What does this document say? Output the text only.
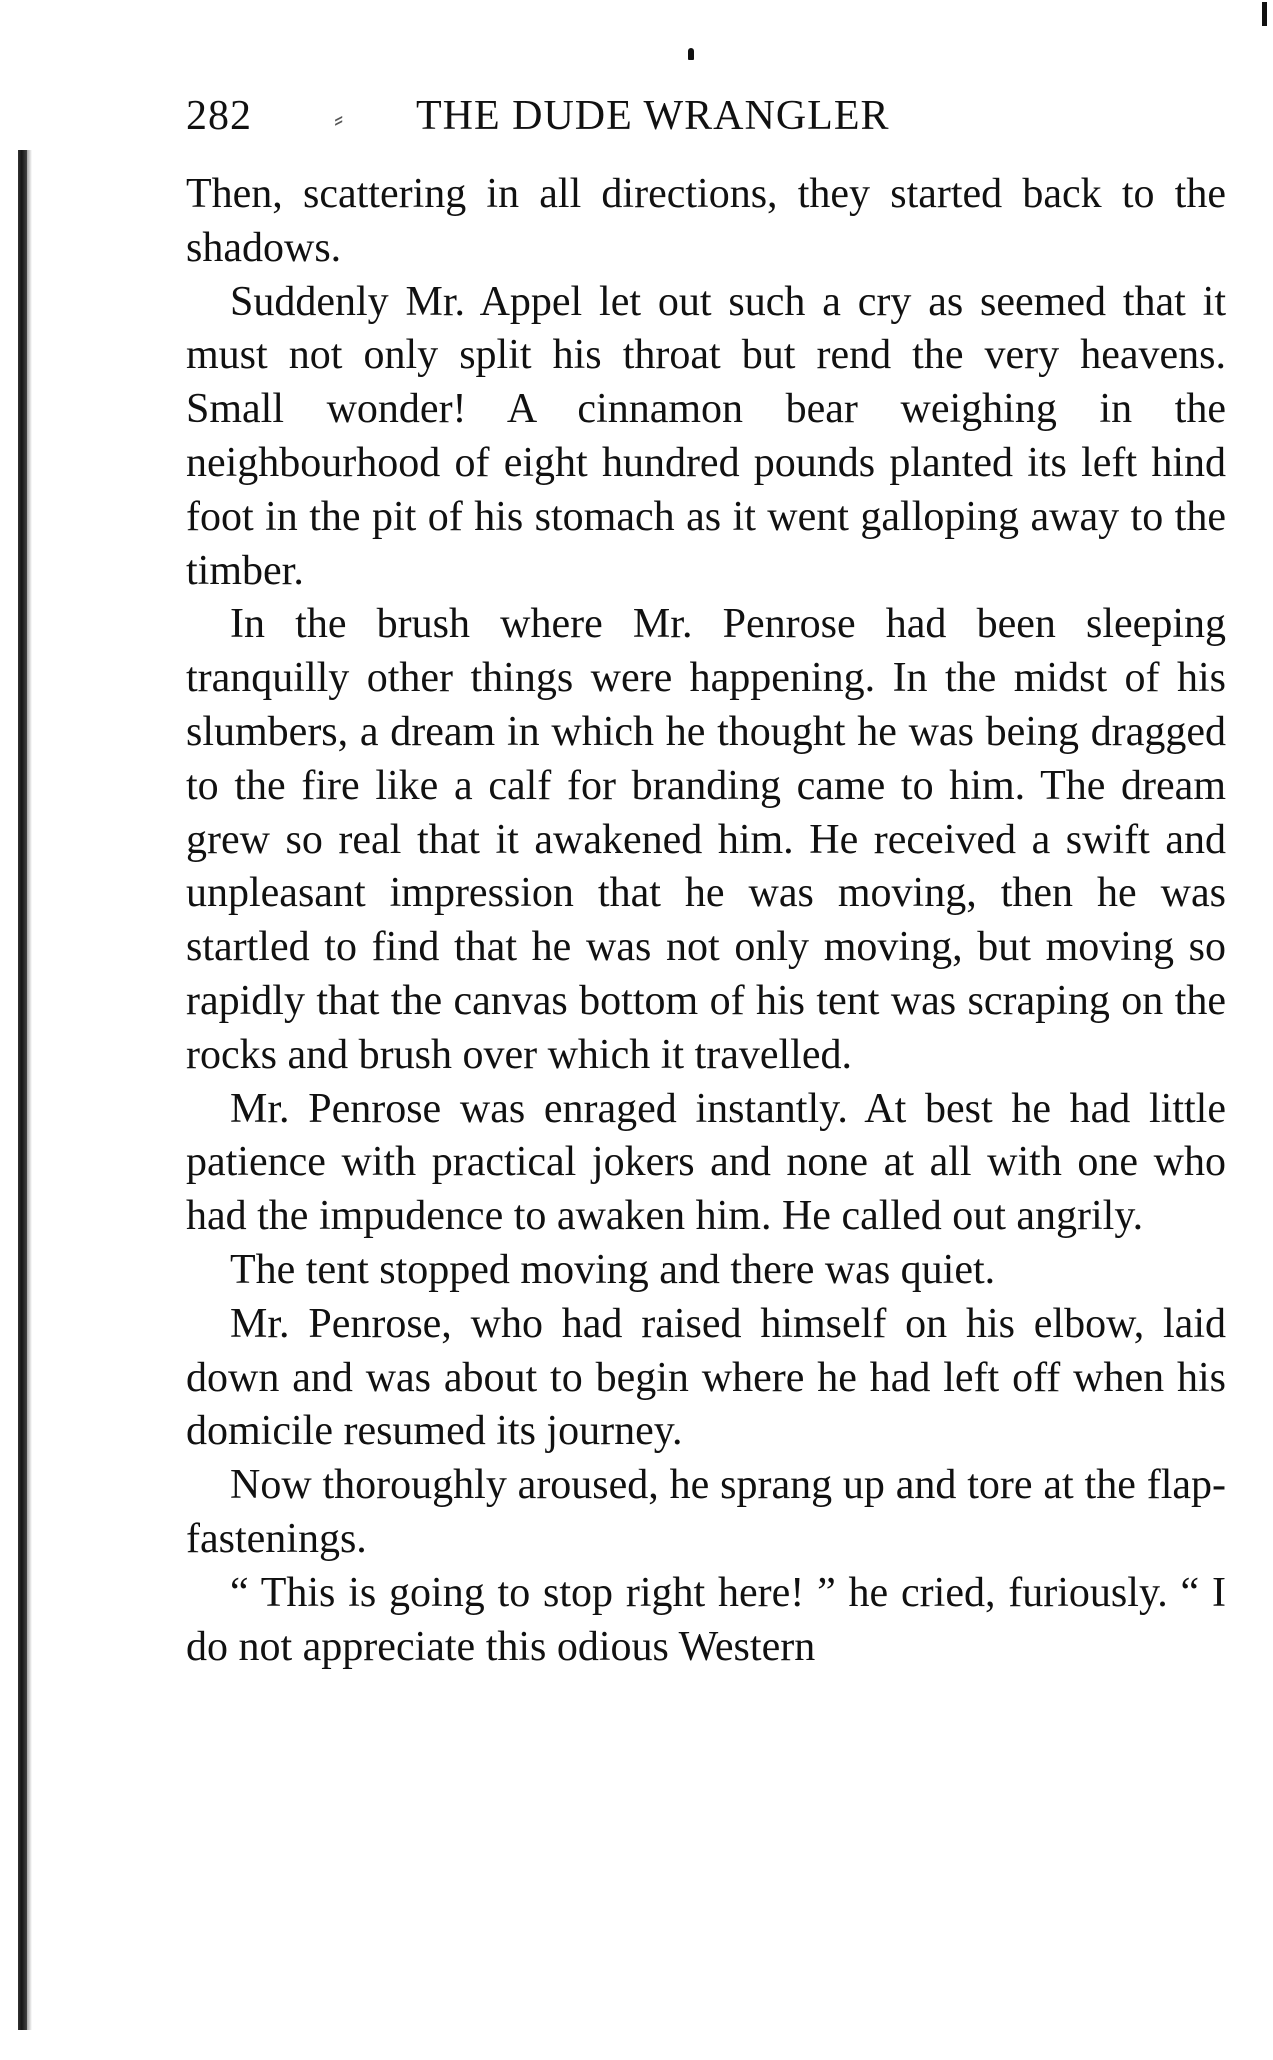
282	⸗ THE DUDE WRANGLER

Then, scattering in all directions, they started back to the shadows.

Suddenly Mr. Appel let out such a cry as seemed that it must not only split his throat but rend the very heavens. Small wonder! A cinnamon bear weighing in the neighbourhood of eight hundred pounds planted its left hind foot in the pit of his stomach as it went galloping away to the timber.

In the brush where Mr. Penrose had been sleeping tranquilly other things were happening. In the midst of his slumbers, a dream in which he thought he was being dragged to the fire like a calf for branding came to him. The dream grew so real that it awakened him. He received a swift and unpleasant impression that he was moving, then he was startled to find that he was not only moving, but moving so rapidly that the canvas bottom of his tent was scraping on the rocks and brush over which it travelled.

Mr. Penrose was enraged instantly. At best he had little patience with practical jokers and none at all with one who had the impudence to awaken him. He called out angrily.

The tent stopped moving and there was quiet.

Mr. Penrose, who had raised himself on his elbow, laid down and was about to begin where he had left off when his domicile resumed its journey.

Now thoroughly aroused, he sprang up and tore at the flap-fastenings.

“ This is going to stop right here! ” he cried, furiously. “ I do not appreciate this odious Western
